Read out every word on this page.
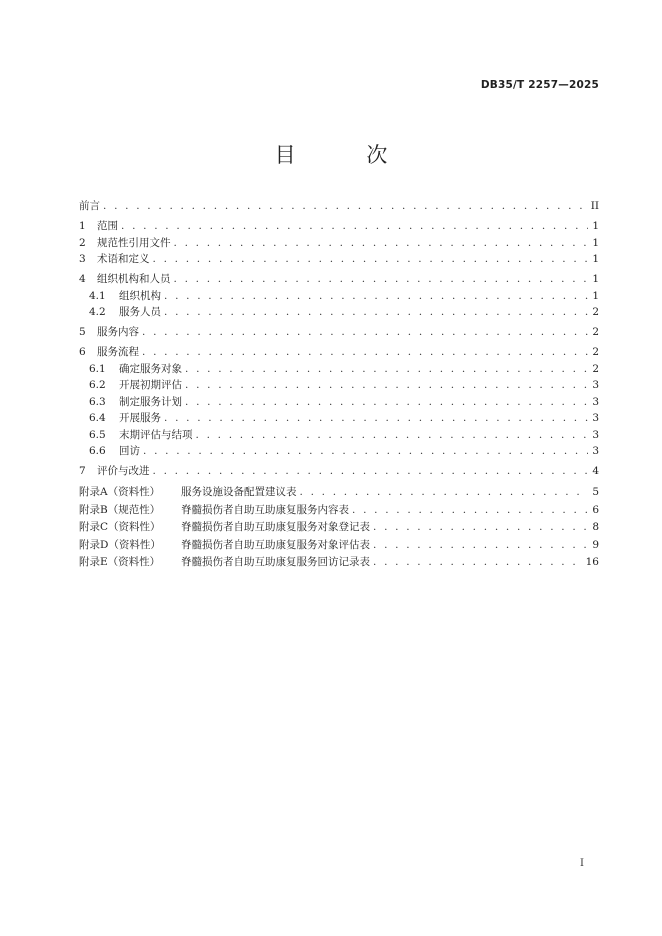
DB35/T 2257—2025
目 次
前言 . . .	II
1	范围 . . .	1
2	规范性引用文件 . . .	1
3	术语和定义 . . .	1
4	组织机构和人员 . . .	1
4.1	组织机构 . . .	1
4.2	服务人员 . . .	2
5	服务内容 . . .	2
6	服务流程 . . .	2
6.1	确定服务对象 . . .	2
6.2	开展初期评估 . . .	3
6.3	制定服务计划 . . .	3
6.4	开展服务 . . .	3
6.5	末期评估与结项 . . .	3
6.6	回访 . . .	3
7	评价与改进 . . .	4
附录A（资料性）	服务设施设备配置建议表 . . .	5
附录B（规范性）	脊髓损伤者自助互助康复服务内容表 . . .	6
附录C（资料性）	脊髓损伤者自助互助康复服务对象登记表 . . .	8
附录D（资料性）	脊髓损伤者自助互助康复服务对象评估表 . . .	9
附录E（资料性）	脊髓损伤者自助互助康复服务回访记录表 . . .	16
I
